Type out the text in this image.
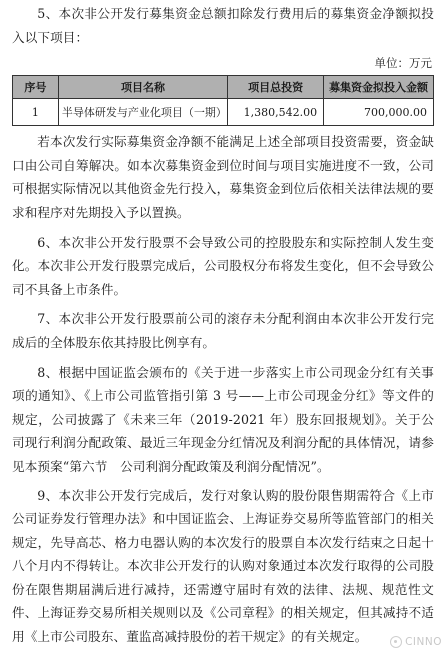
5、本次非公开发行募集资金总额扣除发行费用后的募集资金净额拟投入以下项目：

单位：万元
序号	项目名称	项目总投资	募集资金拟投入金额
1	半导体研发与产业化项目（一期）	1,380,542.00	700,000.00

若本次发行实际募集资金净额不能满足上述全部项目投资需要，资金缺口由公司自筹解决。如本次募集资金到位时间与项目实施进度不一致，公司可根据实际情况以其他资金先行投入，募集资金到位后依相关法律法规的要求和程序对先期投入予以置换。

6、本次非公开发行股票不会导致公司的控股股东和实际控制人发生变化。本次非公开发行股票完成后，公司股权分布将发生变化，但不会导致公司不具备上市条件。

7、本次非公开发行股票前公司的滚存未分配利润由本次非公开发行完成后的全体股东依其持股比例享有。

8、根据中国证监会颁布的《关于进一步落实上市公司现金分红有关事项的通知》、《上市公司监管指引第 3 号——上市公司现金分红》等文件的规定，公司披露了《未来三年（2019-2021 年）股东回报规划》。关于公司现行利润分配政策、最近三年现金分红情况及利润分配的具体情况，请参见本预案“第六节　公司利润分配政策及利润分配情况”。

9、本次非公开发行完成后，发行对象认购的股份限售期需符合《上市公司证券发行管理办法》和中国证监会、上海证券交易所等监管部门的相关规定，先导高芯、格力电器认购的本次发行的股票自本次发行结束之日起十八个月内不得转让。本次非公开发行的认购对象通过本次发行取得的公司股份在限售期届满后进行减持，还需遵守届时有效的法律、法规、规范性文件、上海证券交易所相关规则以及《公司章程》的相关规定，但其减持不适用《上市公司股东、董监高减持股份的若干规定》的有关规定。	CINNO
